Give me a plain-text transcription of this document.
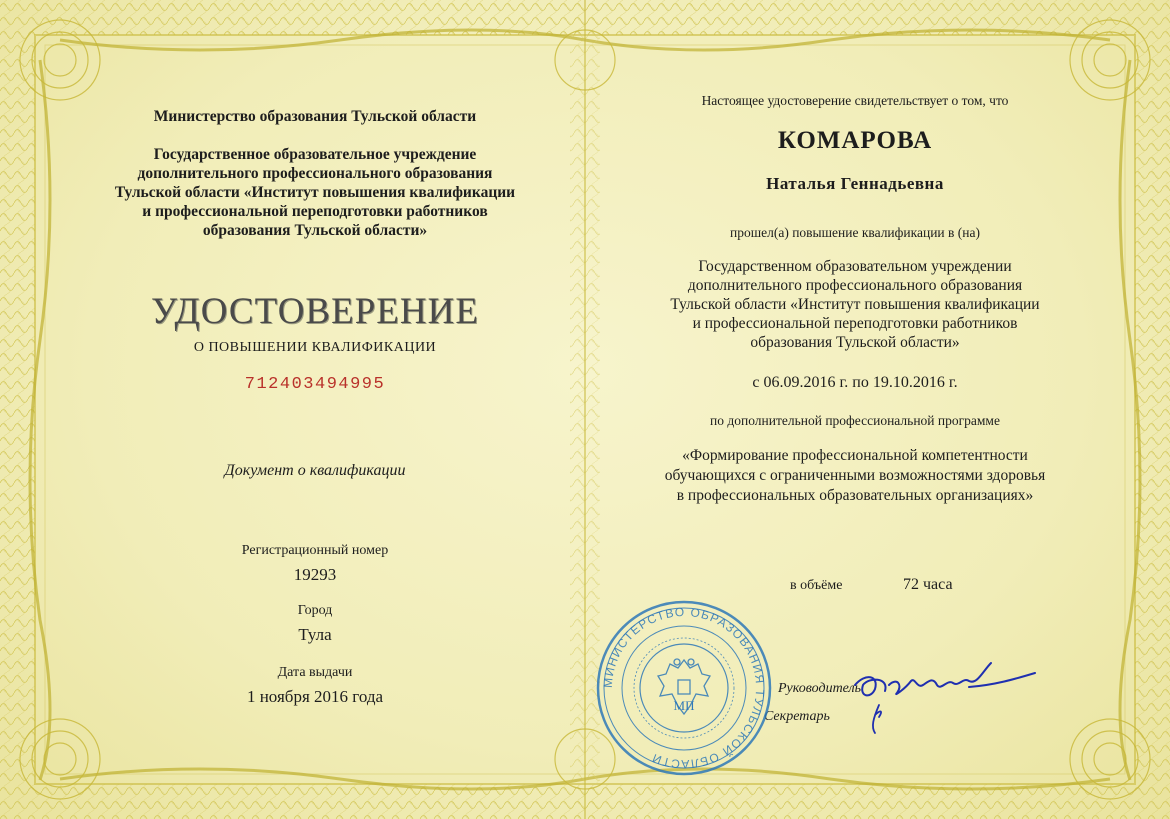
Министерство образования Тульской области
Государственное образовательное учреждение
дополнительного профессионального образования
Тульской области «Институт повышения квалификации
и профессиональной переподготовки работников
образования Тульской области»
УДОСТОВЕРЕНИЕ
О ПОВЫШЕНИИ КВАЛИФИКАЦИИ
712403494995
Документ о квалификации
Регистрационный номер
19293
Город
Тула
Дата выдачи
1 ноября 2016 года
Настоящее удостоверение свидетельствует о том, что
КОМАРОВА
Наталья Геннадьевна
прошел(а) повышение квалификации в (на)
Государственном образовательном учреждении
дополнительного профессионального образования
Тульской области «Институт повышения квалификации
и профессиональной переподготовки работников
образования Тульской области»
с 06.09.2016 г. по 19.10.2016 г.
по дополнительной профессиональной программе
«Формирование профессиональной компетентности
обучающихся с ограниченными возможностями здоровья
в профессиональных образовательных организациях»
в объёме	72 часа
Руководитель
Секретарь
МИНИСТЕРСТВО ОБРАЗОВАНИЯ ТУЛЬСКОЙ ОБЛАСТИ
МП
